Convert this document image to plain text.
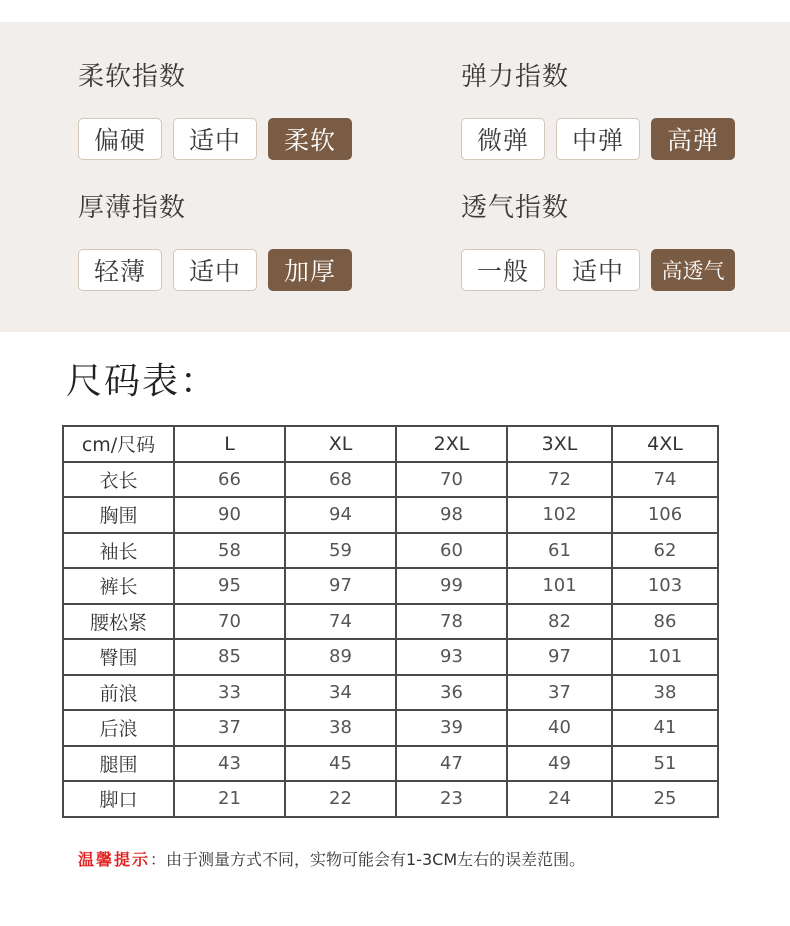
柔软指数
偏硬	适中	柔软
弹力指数
微弹	中弹	高弹
厚薄指数
轻薄	适中	加厚
透气指数
一般	适中	高透气
尺码表：
cm/尺码	L	XL	2XL	3XL	4XL
衣长	66	68	70	72	74
胸围	90	94	98	102	106
袖长	58	59	60	61	62
裤长	95	97	99	101	103
腰松紧	70	74	78	82	86
臀围	85	89	93	97	101
前浪	33	34	36	37	38
后浪	37	38	39	40	41
腿围	43	45	47	49	51
脚口	21	22	23	24	25
温馨提示：由于测量方式不同，实物可能会有1-3CM左右的误差范围。
